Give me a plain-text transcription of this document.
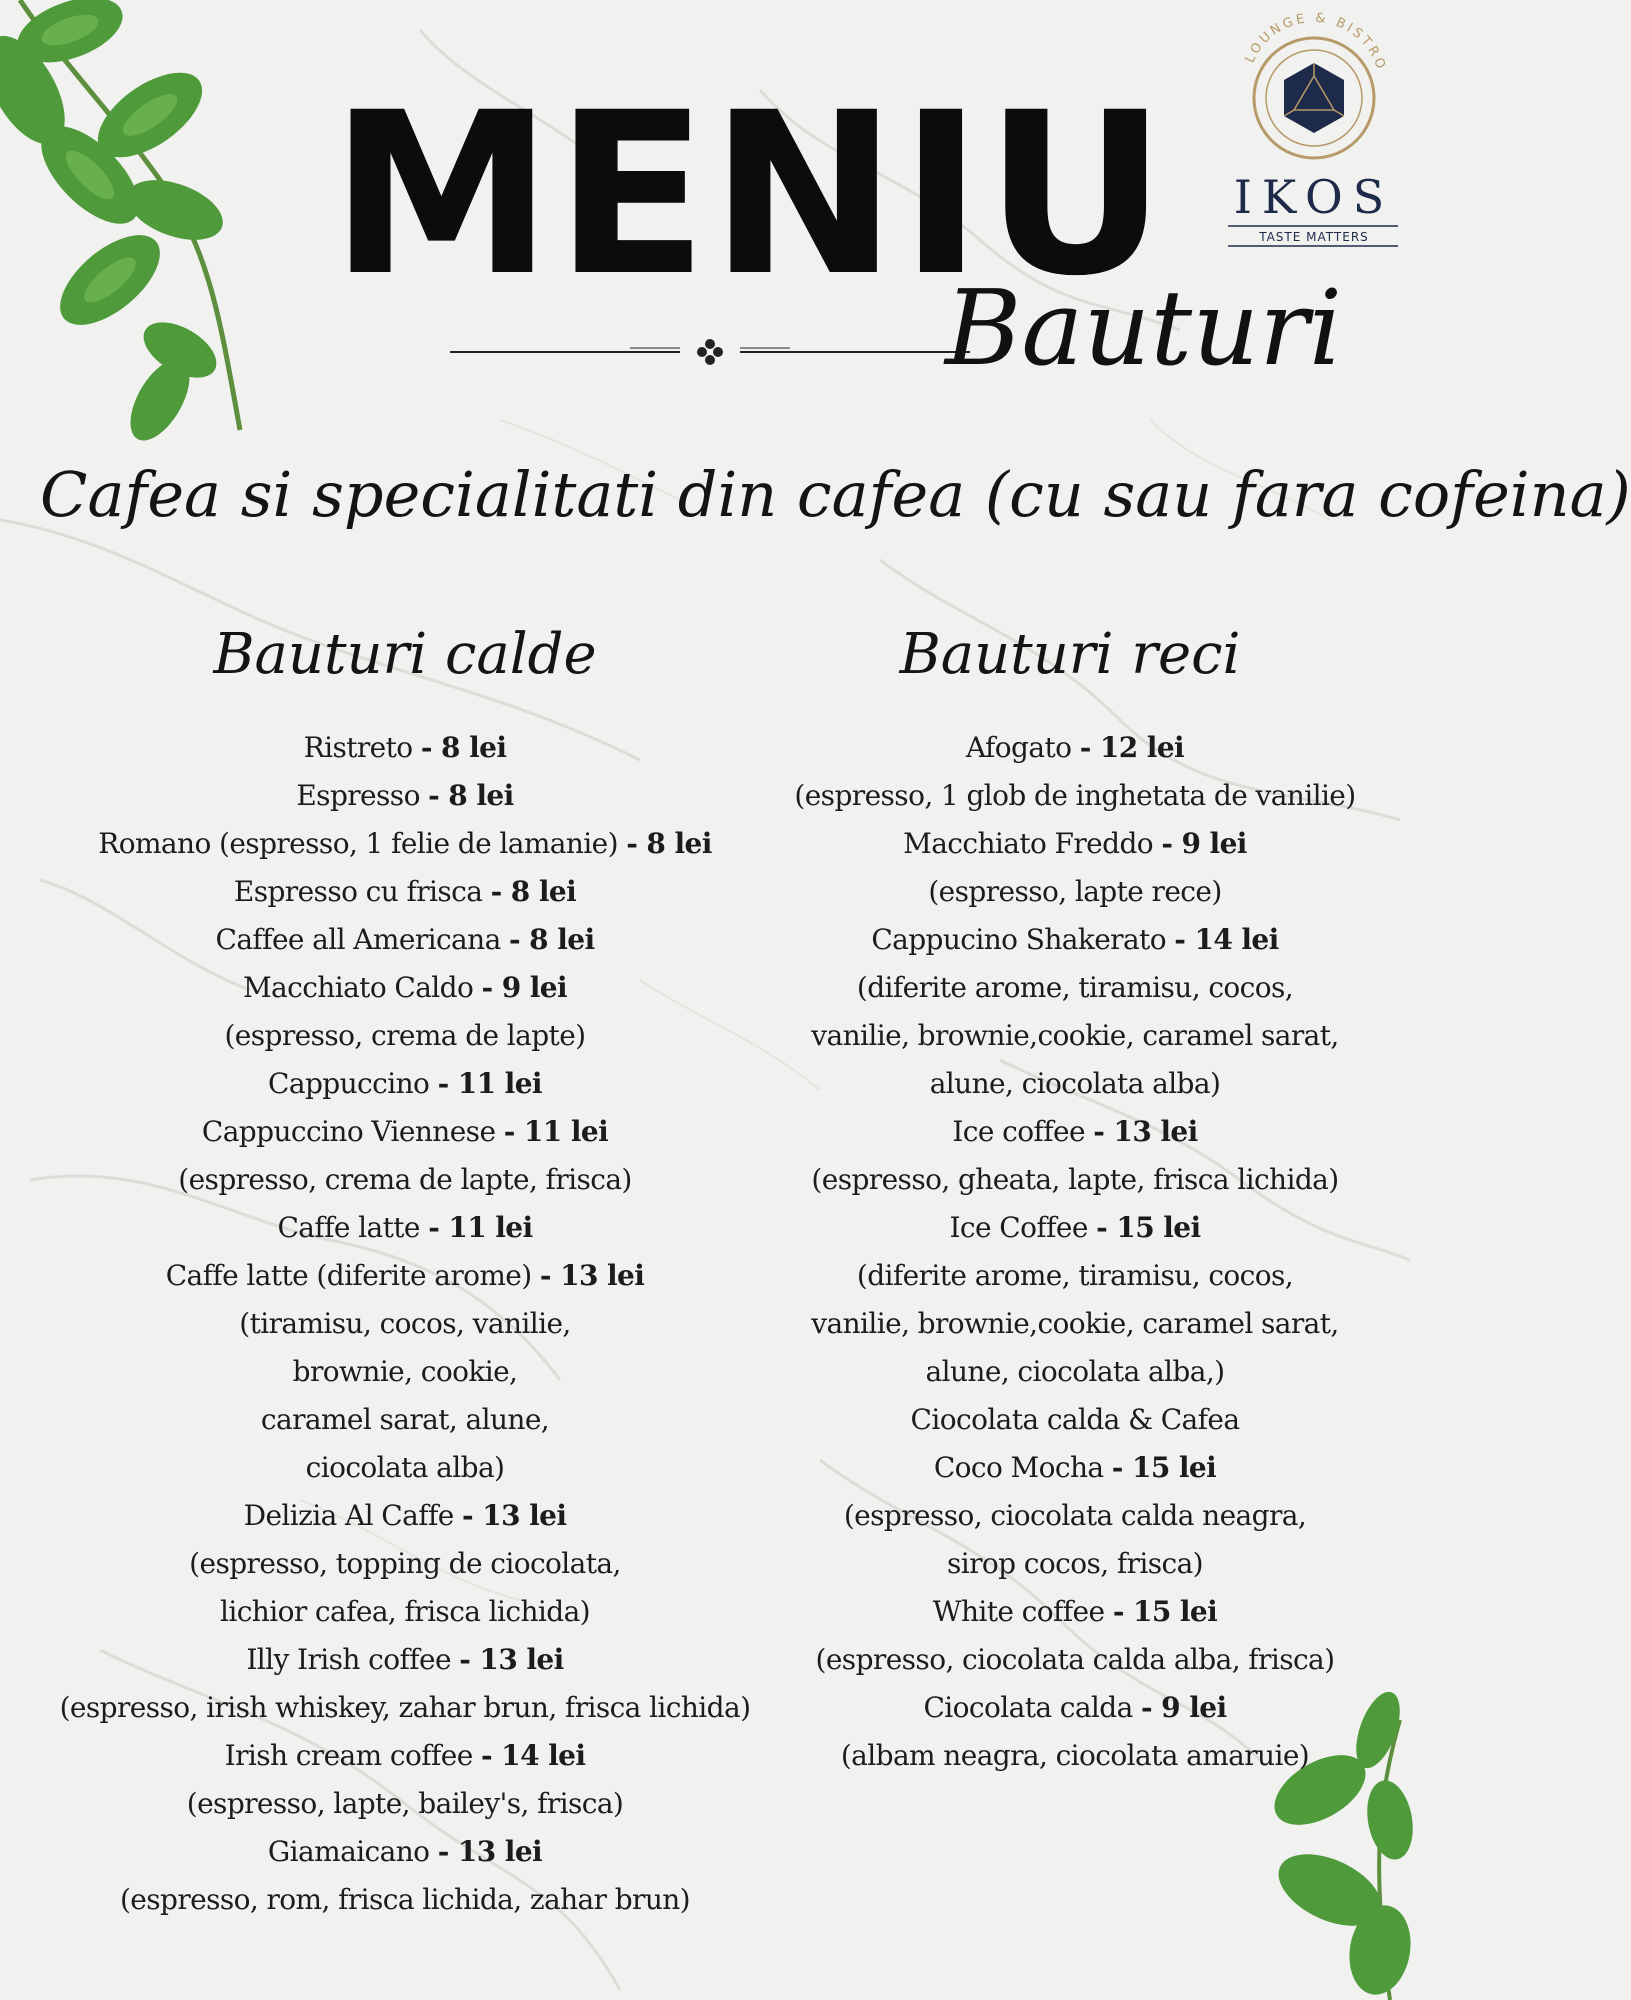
MENIU
Bauturi
LOUNGE & BISTRO
IKOS
TASTE MATTERS
Cafea si specialitati din cafea (cu sau fara cofeina)
Bauturi calde	Bauturi reci
Ristreto - 8 lei
Espresso - 8 lei
Romano (espresso, 1 felie de lamanie) - 8 lei
Espresso cu frisca - 8 lei
Caffee all Americana - 8 lei
Macchiato Caldo - 9 lei
(espresso, crema de lapte)
Cappuccino - 11 lei
Cappuccino Viennese - 11 lei
(espresso, crema de lapte, frisca)
Caffe latte - 11 lei
Caffe latte (diferite arome) - 13 lei
(tiramisu, cocos, vanilie,
brownie, cookie,
caramel sarat, alune,
ciocolata alba)
Delizia Al Caffe - 13 lei
(espresso, topping de ciocolata,
lichior cafea, frisca lichida)
Illy Irish coffee - 13 lei
(espresso, irish whiskey, zahar brun, frisca lichida)
Irish cream coffee - 14 lei
(espresso, lapte, bailey's, frisca)
Giamaicano - 13 lei
(espresso, rom, frisca lichida, zahar brun)
Afogato - 12 lei
(espresso, 1 glob de inghetata de vanilie)
Macchiato Freddo - 9 lei
(espresso, lapte rece)
Cappucino Shakerato - 14 lei
(diferite arome, tiramisu, cocos,
vanilie, brownie,cookie, caramel sarat,
alune, ciocolata alba)
Ice coffee - 13 lei
(espresso, gheata, lapte, frisca lichida)
Ice Coffee - 15 lei
(diferite arome, tiramisu, cocos,
vanilie, brownie,cookie, caramel sarat,
alune, ciocolata alba,)
Ciocolata calda & Cafea
Coco Mocha - 15 lei
(espresso, ciocolata calda neagra,
sirop cocos, frisca)
White coffee - 15 lei
(espresso, ciocolata calda alba, frisca)
Ciocolata calda - 9 lei
(albam neagra, ciocolata amaruie)
